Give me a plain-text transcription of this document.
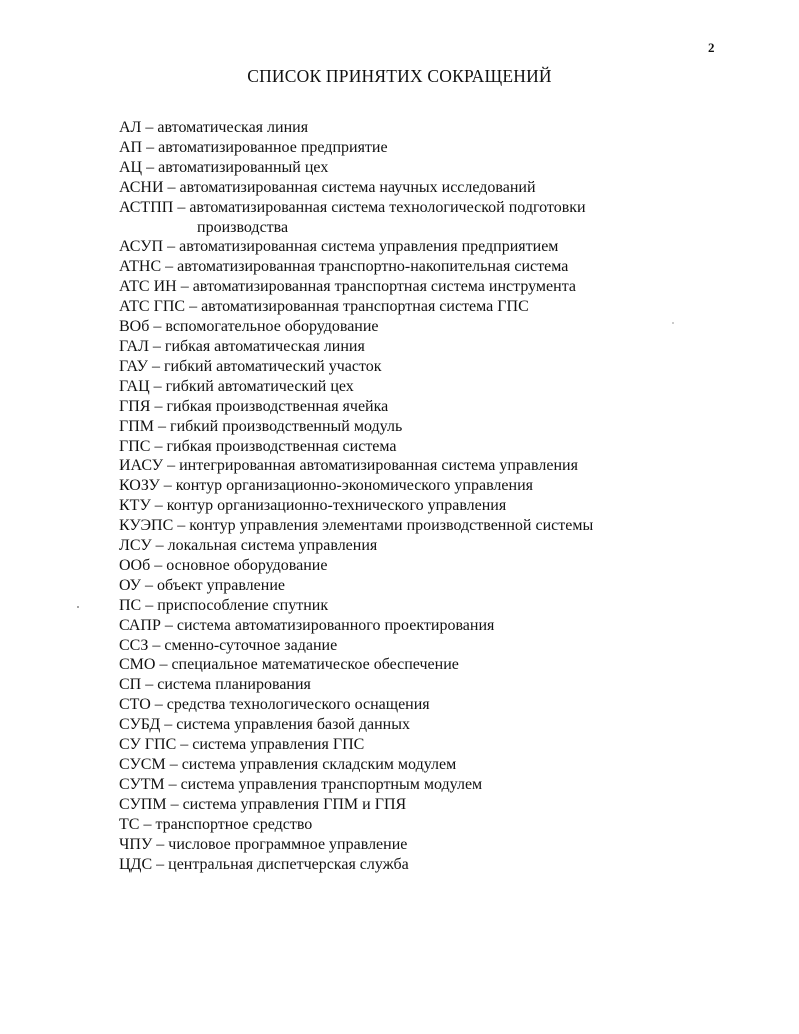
2
СПИСОК ПРИНЯТИХ СОКРАЩЕНИЙ
АЛ – автоматическая линия
АП – автоматизированное предприятие
АЦ – автоматизированный цех
АСНИ – автоматизированная система научных исследований
АСТПП – автоматизированная система технологической подготовки
производства
АСУП – автоматизированная система управления предприятием
АТНС – автоматизированная транспортно-накопительная система
АТС ИН – автоматизированная транспортная система инструмента
АТС ГПС – автоматизированная транспортная система ГПС
ВОб – вспомогательное оборудование
ГАЛ – гибкая автоматическая линия
ГАУ – гибкий автоматический участок
ГАЦ – гибкий автоматический цех
ГПЯ – гибкая производственная ячейка
ГПМ – гибкий производственный модуль
ГПС – гибкая производственная система
ИАСУ – интегрированная автоматизированная система управления
КОЗУ – контур организационно-экономического управления
КТУ – контур организационно-технического управления
КУЭПС – контур управления элементами производственной системы
ЛСУ – локальная система управления
ООб – основное оборудование
ОУ – объект управление
ПС – приспособление спутник
САПР – система автоматизированного проектирования
ССЗ – сменно-суточное задание
СМО – специальное математическое обеспечение
СП – система планирования
СТО – средства технологического оснащения
СУБД – система управления базой данных
СУ ГПС – система управления ГПС
СУСМ – система управления складским модулем
СУТМ – система управления транспортным модулем
СУПМ – система управления ГПМ и ГПЯ
ТС – транспортное средство
ЧПУ – числовое программное управление
ЦДС – центральная диспетчерская служба
